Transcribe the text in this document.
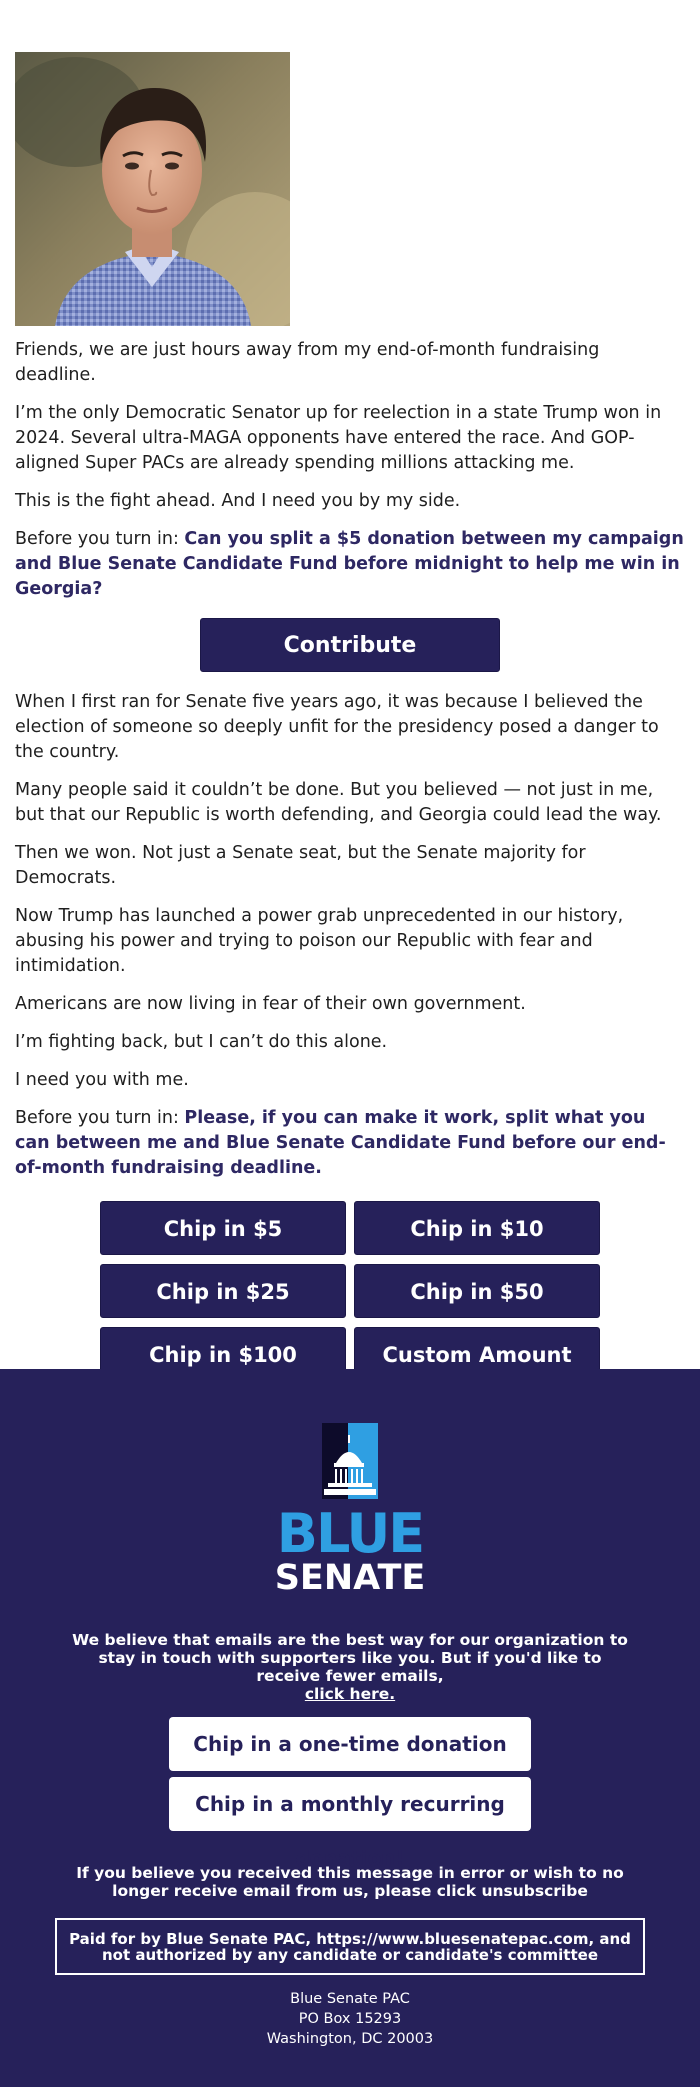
Friends, we are just hours away from my end-of-month fundraising deadline.

I’m the only Democratic Senator up for reelection in a state Trump won in 2024. Several ultra-MAGA opponents have entered the race. And GOP-aligned Super PACs are already spending millions attacking me.

This is the fight ahead. And I need you by my side.

Before you turn in: Can you split a $5 donation between my campaign and Blue Senate Candidate Fund before midnight to help me win in Georgia?

Contribute

When I first ran for Senate five years ago, it was because I believed the election of someone so deeply unfit for the presidency posed a danger to the country.

Many people said it couldn’t be done. But you believed — not just in me, but that our Republic is worth defending, and Georgia could lead the way.

Then we won. Not just a Senate seat, but the Senate majority for Democrats.

Now Trump has launched a power grab unprecedented in our history, abusing his power and trying to poison our Republic with fear and intimidation.

Americans are now living in fear of their own government.

I’m fighting back, but I can’t do this alone.

I need you with me.

Before you turn in: Please, if you can make it work, split what you can between me and Blue Senate Candidate Fund before our end-of-month fundraising deadline.

Chip in $5	Chip in $10
Chip in $25	Chip in $50
Chip in $100	Custom Amount

BLUE
SENATE

We believe that emails are the best way for our organization to stay in touch with supporters like you. But if you'd like to receive fewer emails,
click here.

Chip in a one-time donation
Chip in a monthly recurring donation!

If you believe you received this message in error or wish to no longer receive email from us, please click unsubscribe

Paid for by Blue Senate PAC, https://www.bluesenatepac.com, and not authorized by any candidate or candidate's committee
Blue Senate PAC
PO Box 15293
Washington, DC 20003
